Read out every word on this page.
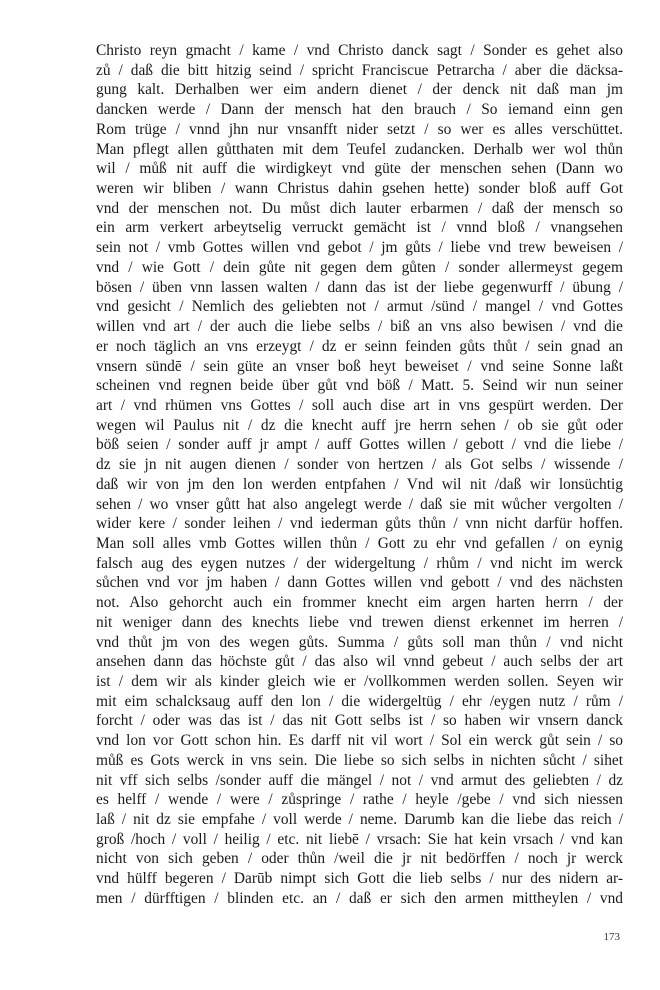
Christo reyn gmacht / kame / vnd Christo danck sagt / Sonder es gehet also
zů / daß die bitt hitzig seind / spricht Franciscue Petrarcha / aber die däcksa-
gung kalt. Derhalben wer eim andern dienet / der denck nit daß man jm
dancken werde / Dann der mensch hat den brauch / So iemand einn gen
Rom trüge / vnnd jhn nur vnsanfft nider setzt / so wer es alles verschüttet.
Man pflegt allen gůtthaten mit dem Teufel zudancken. Derhalb wer wol thůn
wil / můß nit auff die wirdigkeyt vnd güte der menschen sehen (Dann wo
weren wir bliben / wann Christus dahin gsehen hette) sonder bloß auff Got
vnd der menschen not. Du můst dich lauter erbarmen / daß der mensch so
ein arm verkert arbeytselig verruckt gemächt ist / vnnd bloß / vnangsehen
sein not / vmb Gottes willen vnd gebot / jm gůts / liebe vnd trew beweisen /
vnd / wie Gott / dein gůte nit gegen dem gůten / sonder allermeyst gegem
bösen / üben vnn lassen walten / dann das ist der liebe gegenwurff / übung /
vnd gesicht / Nemlich des geliebten not / armut /sünd / mangel / vnd Gottes
willen vnd art / der auch die liebe selbs / biß an vns also bewisen / vnd die
er noch täglich an vns erzeygt / dz er seinn feinden gůts thůt / sein gnad an
vnsern sündē / sein güte an vnser boß heyt beweiset / vnd seine Sonne laßt
scheinen vnd regnen beide über gůt vnd böß / Matt. 5. Seind wir nun seiner
art / vnd rhümen vns Gottes / soll auch dise art in vns gespürt werden. Der
wegen wil Paulus nit / dz die knecht auff jre herrn sehen / ob sie gůt oder
böß seien / sonder auff jr ampt / auff Gottes willen / gebott / vnd die liebe /
dz sie jn nit augen dienen / sonder von hertzen / als Got selbs / wissende /
daß wir von jm den lon werden entpfahen / Vnd wil nit /daß wir lonsüchtig
sehen / wo vnser gůtt hat also angelegt werde / daß sie mit wůcher vergolten /
wider kere / sonder leihen / vnd iederman gůts thůn / vnn nicht darfür hoffen.
Man soll alles vmb Gottes willen thůn / Gott zu ehr vnd gefallen / on eynig
falsch aug des eygen nutzes / der widergeltung / rhům / vnd nicht im werck
sůchen vnd vor jm haben / dann Gottes willen vnd gebott / vnd des nächsten
not. Also gehorcht auch ein frommer knecht eim argen harten herrn / der
nit weniger dann des knechts liebe vnd trewen dienst erkennet im herren /
vnd thůt jm von des wegen gůts. Summa / gůts soll man thůn / vnd nicht
ansehen dann das höchste gůt / das also wil vnnd gebeut / auch selbs der art
ist / dem wir als kinder gleich wie er /vollkommen werden sollen. Seyen wir
mit eim schalcksaug auff den lon / die widergeltüg / ehr /eygen nutz / rům /
forcht / oder was das ist / das nit Gott selbs ist / so haben wir vnsern danck
vnd lon vor Gott schon hin. Es darff nit vil wort / Sol ein werck gůt sein / so
můß es Gots werck in vns sein. Die liebe so sich selbs in nichten sůcht / sihet
nit vff sich selbs /sonder auff die mängel / not / vnd armut des geliebten / dz
es helff / wende / were / zůspringe / rathe / heyle /gebe / vnd sich niessen
laß / nit dz sie empfahe / voll werde / neme. Darumb kan die liebe das reich /
groß /hoch / voll / heilig / etc. nit liebē / vrsach: Sie hat kein vrsach / vnd kan
nicht von sich geben / oder thůn /weil die jr nit bedörffen / noch jr werck
vnd hülff begeren / Darūb nimpt sich Gott die lieb selbs / nur des nidern ar-
men / dürfftigen / blinden etc. an / daß er sich den armen mittheylen / vnd
173
